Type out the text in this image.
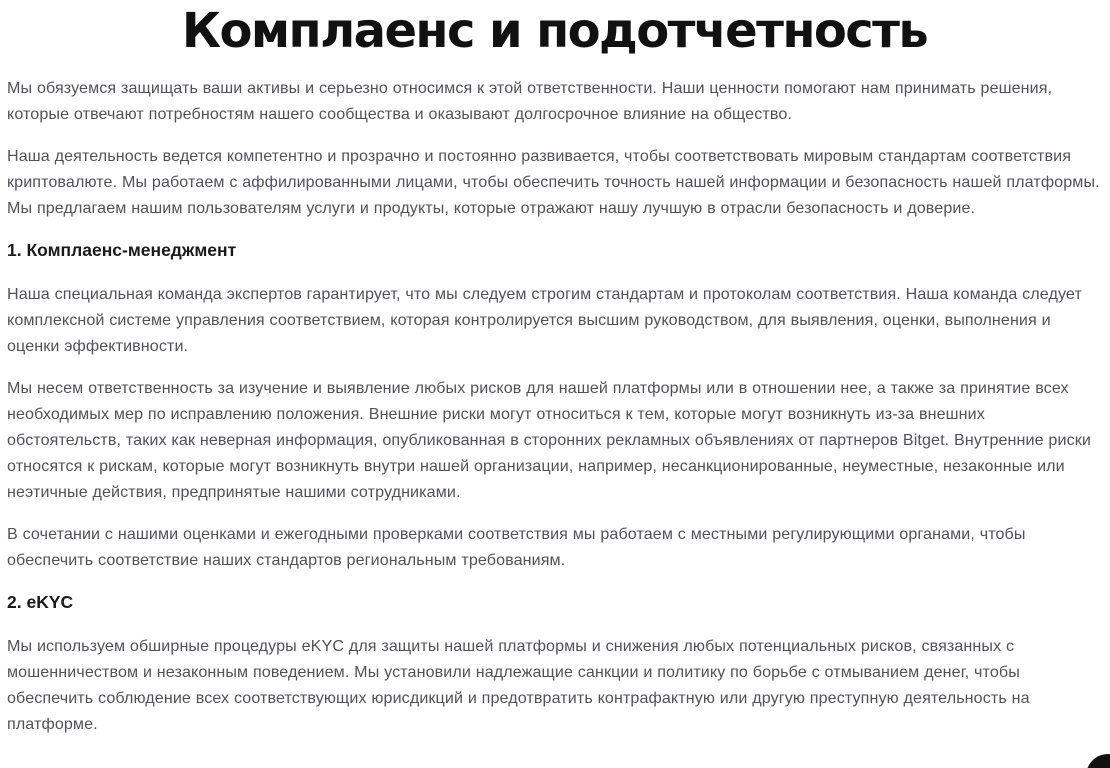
Комплаенс и подотчетность

Мы обязуемся защищать ваши активы и серьезно относимся к этой ответственности. Наши ценности помогают нам принимать решения, которые отвечают потребностям нашего сообщества и оказывают долгосрочное влияние на общество.

Наша деятельность ведется компетентно и прозрачно и постоянно развивается, чтобы соответствовать мировым стандартам соответствия криптовалюте. Мы работаем с аффилированными лицами, чтобы обеспечить точность нашей информации и безопасность нашей платформы. Мы предлагаем нашим пользователям услуги и продукты, которые отражают нашу лучшую в отрасли безопасность и доверие.

1. Комплаенс-менеджмент

Наша специальная команда экспертов гарантирует, что мы следуем строгим стандартам и протоколам соответствия. Наша команда следует комплексной системе управления соответствием, которая контролируется высшим руководством, для выявления, оценки, выполнения и оценки эффективности.

Мы несем ответственность за изучение и выявление любых рисков для нашей платформы или в отношении нее, а также за принятие всех необходимых мер по исправлению положения. Внешние риски могут относиться к тем, которые могут возникнуть из-за внешних обстоятельств, таких как неверная информация, опубликованная в сторонних рекламных объявлениях от партнеров Bitget. Внутренние риски относятся к рискам, которые могут возникнуть внутри нашей организации, например, несанкционированные, неуместные, незаконные или неэтичные действия, предпринятые нашими сотрудниками.

В сочетании с нашими оценками и ежегодными проверками соответствия мы работаем с местными регулирующими органами, чтобы обеспечить соответствие наших стандартов региональным требованиям.

2. eKYC

Мы используем обширные процедуры eKYC для защиты нашей платформы и снижения любых потенциальных рисков, связанных с мошенничеством и незаконным поведением. Мы установили надлежащие санкции и политику по борьбе с отмыванием денег, чтобы обеспечить соблюдение всех соответствующих юрисдикций и предотвратить контрафактную или другую преступную деятельность на платформе.
